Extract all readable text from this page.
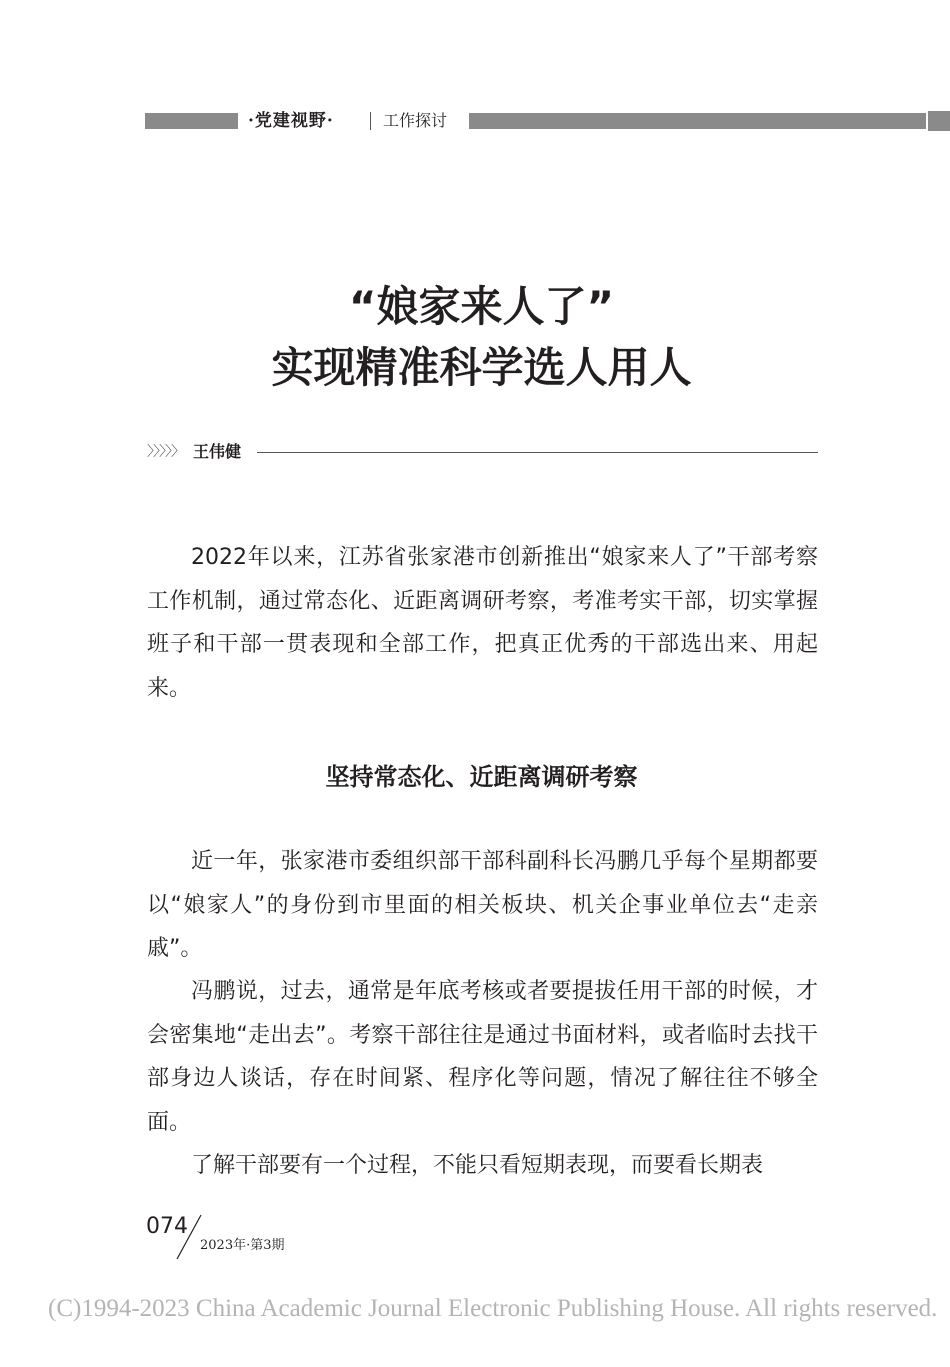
·党建视野·	工作探讨
“娘家来人了”
实现精准科学选人用人
〉〉〉〉〉 王伟健

2022年以来，江苏省张家港市创新推出“娘家来人了”干部考察工作机制，通过常态化、近距离调研考察，考准考实干部，切实掌握班子和干部一贯表现和全部工作，把真正优秀的干部选出来、用起来。

坚持常态化、近距离调研考察

近一年，张家港市委组织部干部科副科长冯鹏几乎每个星期都要以“娘家人”的身份到市里面的相关板块、机关企事业单位去“走亲戚”。

冯鹏说，过去，通常是年底考核或者要提拔任用干部的时候，才会密集地“走出去”。考察干部往往是通过书面材料，或者临时去找干部身边人谈话，存在时间紧、程序化等问题，情况了解往往不够全面。

了解干部要有一个过程，不能只看短期表现，而要看长期表

074
2023年·第3期
(C)1994-2023 China Academic Journal Electronic Publishing House. All rights reserved.
